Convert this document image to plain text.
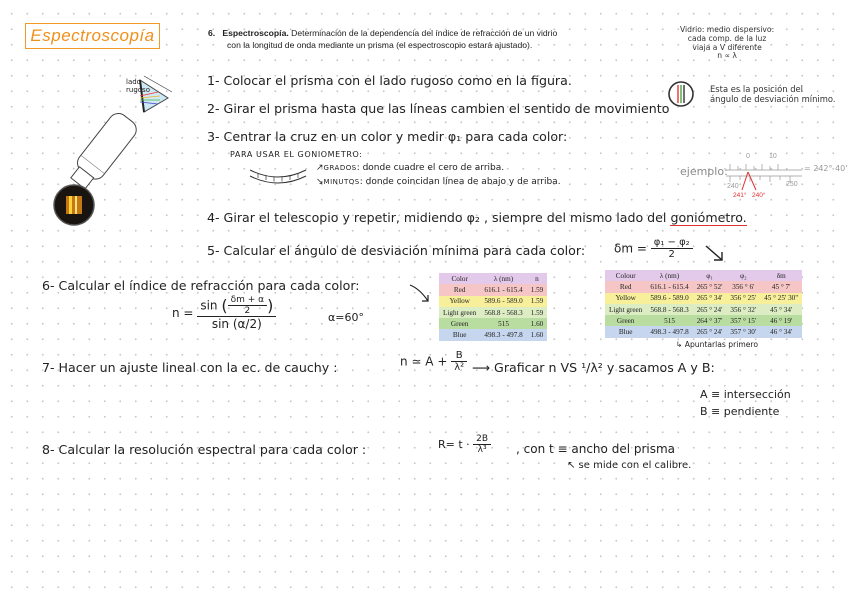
Espectroscopía	6. Espectroscopía. Determinación de la dependencia del índice de refracción de un vidrio
con la longitud de onda mediante un prisma (el espectroscopio estará ajustado).
Vidrio: medio dispersivo:
cada comp. de la luz
viaja a V diferente
n ∝ λ
lado
rugoso
1- Colocar el prisma con el lado rugoso como en la figura.
2- Girar el prisma hasta que las líneas cambien el sentido de movimiento
Esta es la posición del
ángulo de desviación mínimo.
3- Centrar la cruz en un color y medir φ₁ para cada color:
PARA USAR EL GONIOMETRO:
↗GRADOS: donde cuadre el cero de arriba.
↘MINUTOS: donde coincidan línea de abajo y de arriba.
ejemplo:
0	10
240	250
241° 240°
= 242° 40'
4- Girar el telescopio y repetir, midiendo φ₂ , siempre del mismo lado del goniómetro.
5- Calcular el ángulo de desviación mínima para cada color: $\delta m = \frac{\text{φ₁ − φ₂}}{2}$
6- Calcular el índice de refracción para cada color:
$n = \frac{\sin ( \frac{\delta m + \alpha}{2} )}{\sin (\alpha/2)}$	α=60°
Color	λ (nm)	n
Red	616.1 - 615.4	1.59
Yellow	589.6 - 589.0	1.59
Light green	568.8 - 568.3	1.59
Green	515	1.60
Blue	498.3 - 497.8	1.60
Colour	λ (nm)	φ₁	φ₂	δm
Red	616.1 - 615.4	265 ° 52'	356 ° 6'	45 ° 7'
Yellow	589.6 - 589.0	265 ° 34'	356 ° 25'	45 ° 25' 30"
Light green	568.8 - 568.3	265 ° 24'	356 ° 32'	45 ° 34'
Green	515	264 ° 37'	357 ° 15'	46 ° 19'
Blue	498.3 - 497.8	265 ° 24'	357 ° 30'	46 ° 34'
↳ Apuntarlas primero
7- Hacer un ajuste lineal con la ec. de cauchy :	n ≃ $A + \frac{B}{\text{λ²}}$ ⟶ Graficar n VS ¹/λ² y sacamos A y B:
A ≡ intersección
B ≡ pendiente
8- Calcular la resolución espectral para cada color :	$R= t \cdot \frac{2B}{\text{λ³}}$ , con t ≡ ancho del prisma
↖ se mide con el calibre.
